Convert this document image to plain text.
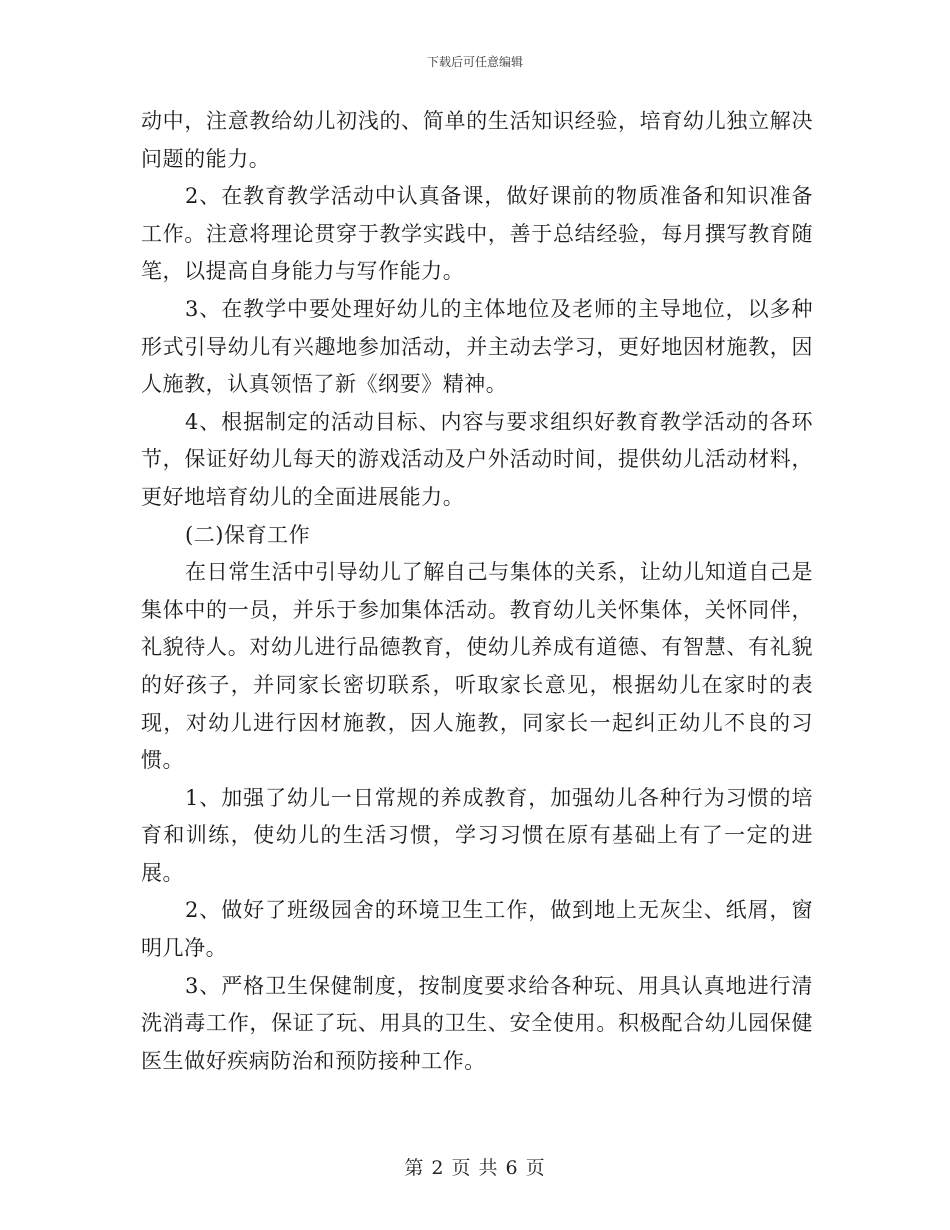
下载后可任意编辑

动中，注意教给幼儿初浅的、简单的生活知识经验，培育幼儿独立解决问题的能力。

2、在教育教学活动中认真备课，做好课前的物质准备和知识准备工作。注意将理论贯穿于教学实践中，善于总结经验，每月撰写教育随笔，以提高自身能力与写作能力。

3、在教学中要处理好幼儿的主体地位及老师的主导地位，以多种形式引导幼儿有兴趣地参加活动，并主动去学习，更好地因材施教，因人施教，认真领悟了新《纲要》精神。

4、根据制定的活动目标、内容与要求组织好教育教学活动的各环节，保证好幼儿每天的游戏活动及户外活动时间，提供幼儿活动材料，更好地培育幼儿的全面进展能力。

(二)保育工作

在日常生活中引导幼儿了解自己与集体的关系，让幼儿知道自己是集体中的一员，并乐于参加集体活动。教育幼儿关怀集体，关怀同伴，礼貌待人。对幼儿进行品德教育，使幼儿养成有道德、有智慧、有礼貌的好孩子，并同家长密切联系，听取家长意见，根据幼儿在家时的表现，对幼儿进行因材施教，因人施教，同家长一起纠正幼儿不良的习惯。

1、加强了幼儿一日常规的养成教育，加强幼儿各种行为习惯的培育和训练，使幼儿的生活习惯，学习习惯在原有基础上有了一定的进展。

2、做好了班级园舍的环境卫生工作，做到地上无灰尘、纸屑，窗明几净。

3、严格卫生保健制度，按制度要求给各种玩、用具认真地进行清洗消毒工作，保证了玩、用具的卫生、安全使用。积极配合幼儿园保健医生做好疾病防治和预防接种工作。

第 2 页 共 6 页
